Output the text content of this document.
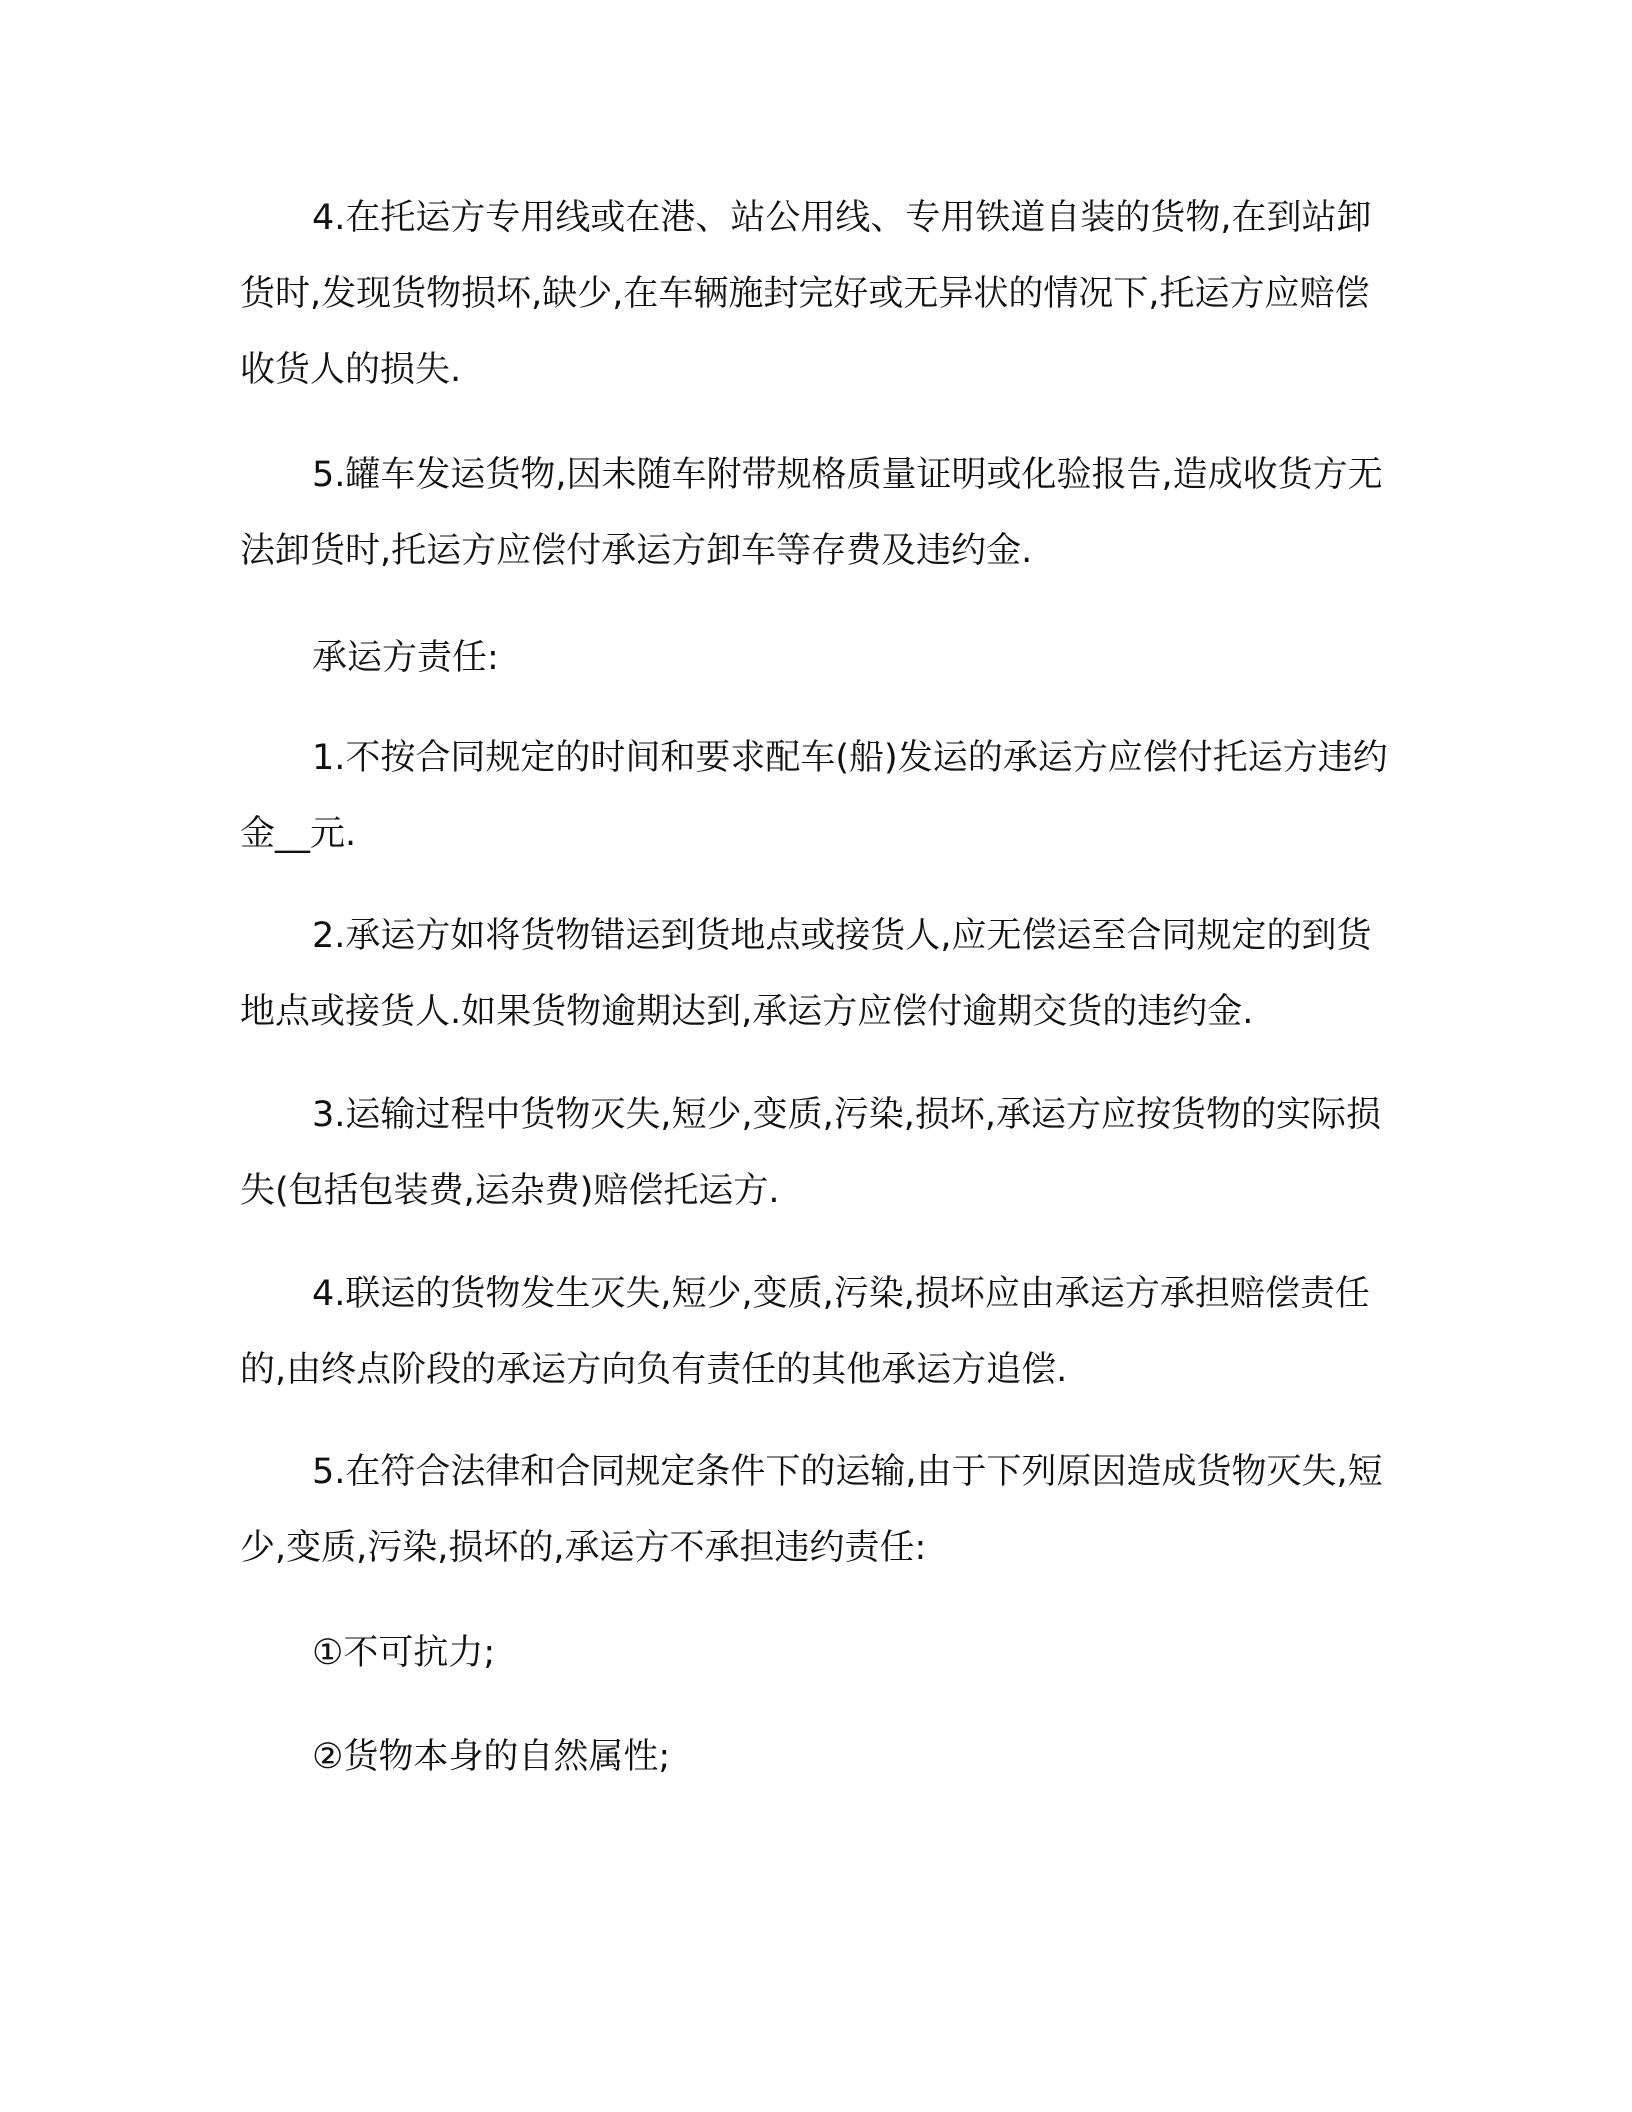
4.在托运方专用线或在港、站公用线、专用铁道自装的货物,在到站卸货时,发现货物损坏,缺少,在车辆施封完好或无异状的情况下,托运方应赔偿收货人的损失.

5.罐车发运货物,因未随车附带规格质量证明或化验报告,造成收货方无法卸货时,托运方应偿付承运方卸车等存费及违约金.

承运方责任:

1.不按合同规定的时间和要求配车(船)发运的承运方应偿付托运方违约金__元.

2.承运方如将货物错运到货地点或接货人,应无偿运至合同规定的到货地点或接货人.如果货物逾期达到,承运方应偿付逾期交货的违约金.

3.运输过程中货物灭失,短少,变质,污染,损坏,承运方应按货物的实际损失(包括包装费,运杂费)赔偿托运方.

4.联运的货物发生灭失,短少,变质,污染,损坏应由承运方承担赔偿责任的,由终点阶段的承运方向负有责任的其他承运方追偿.

5.在符合法律和合同规定条件下的运输,由于下列原因造成货物灭失,短少,变质,污染,损坏的,承运方不承担违约责任:

①不可抗力;

②货物本身的自然属性;
